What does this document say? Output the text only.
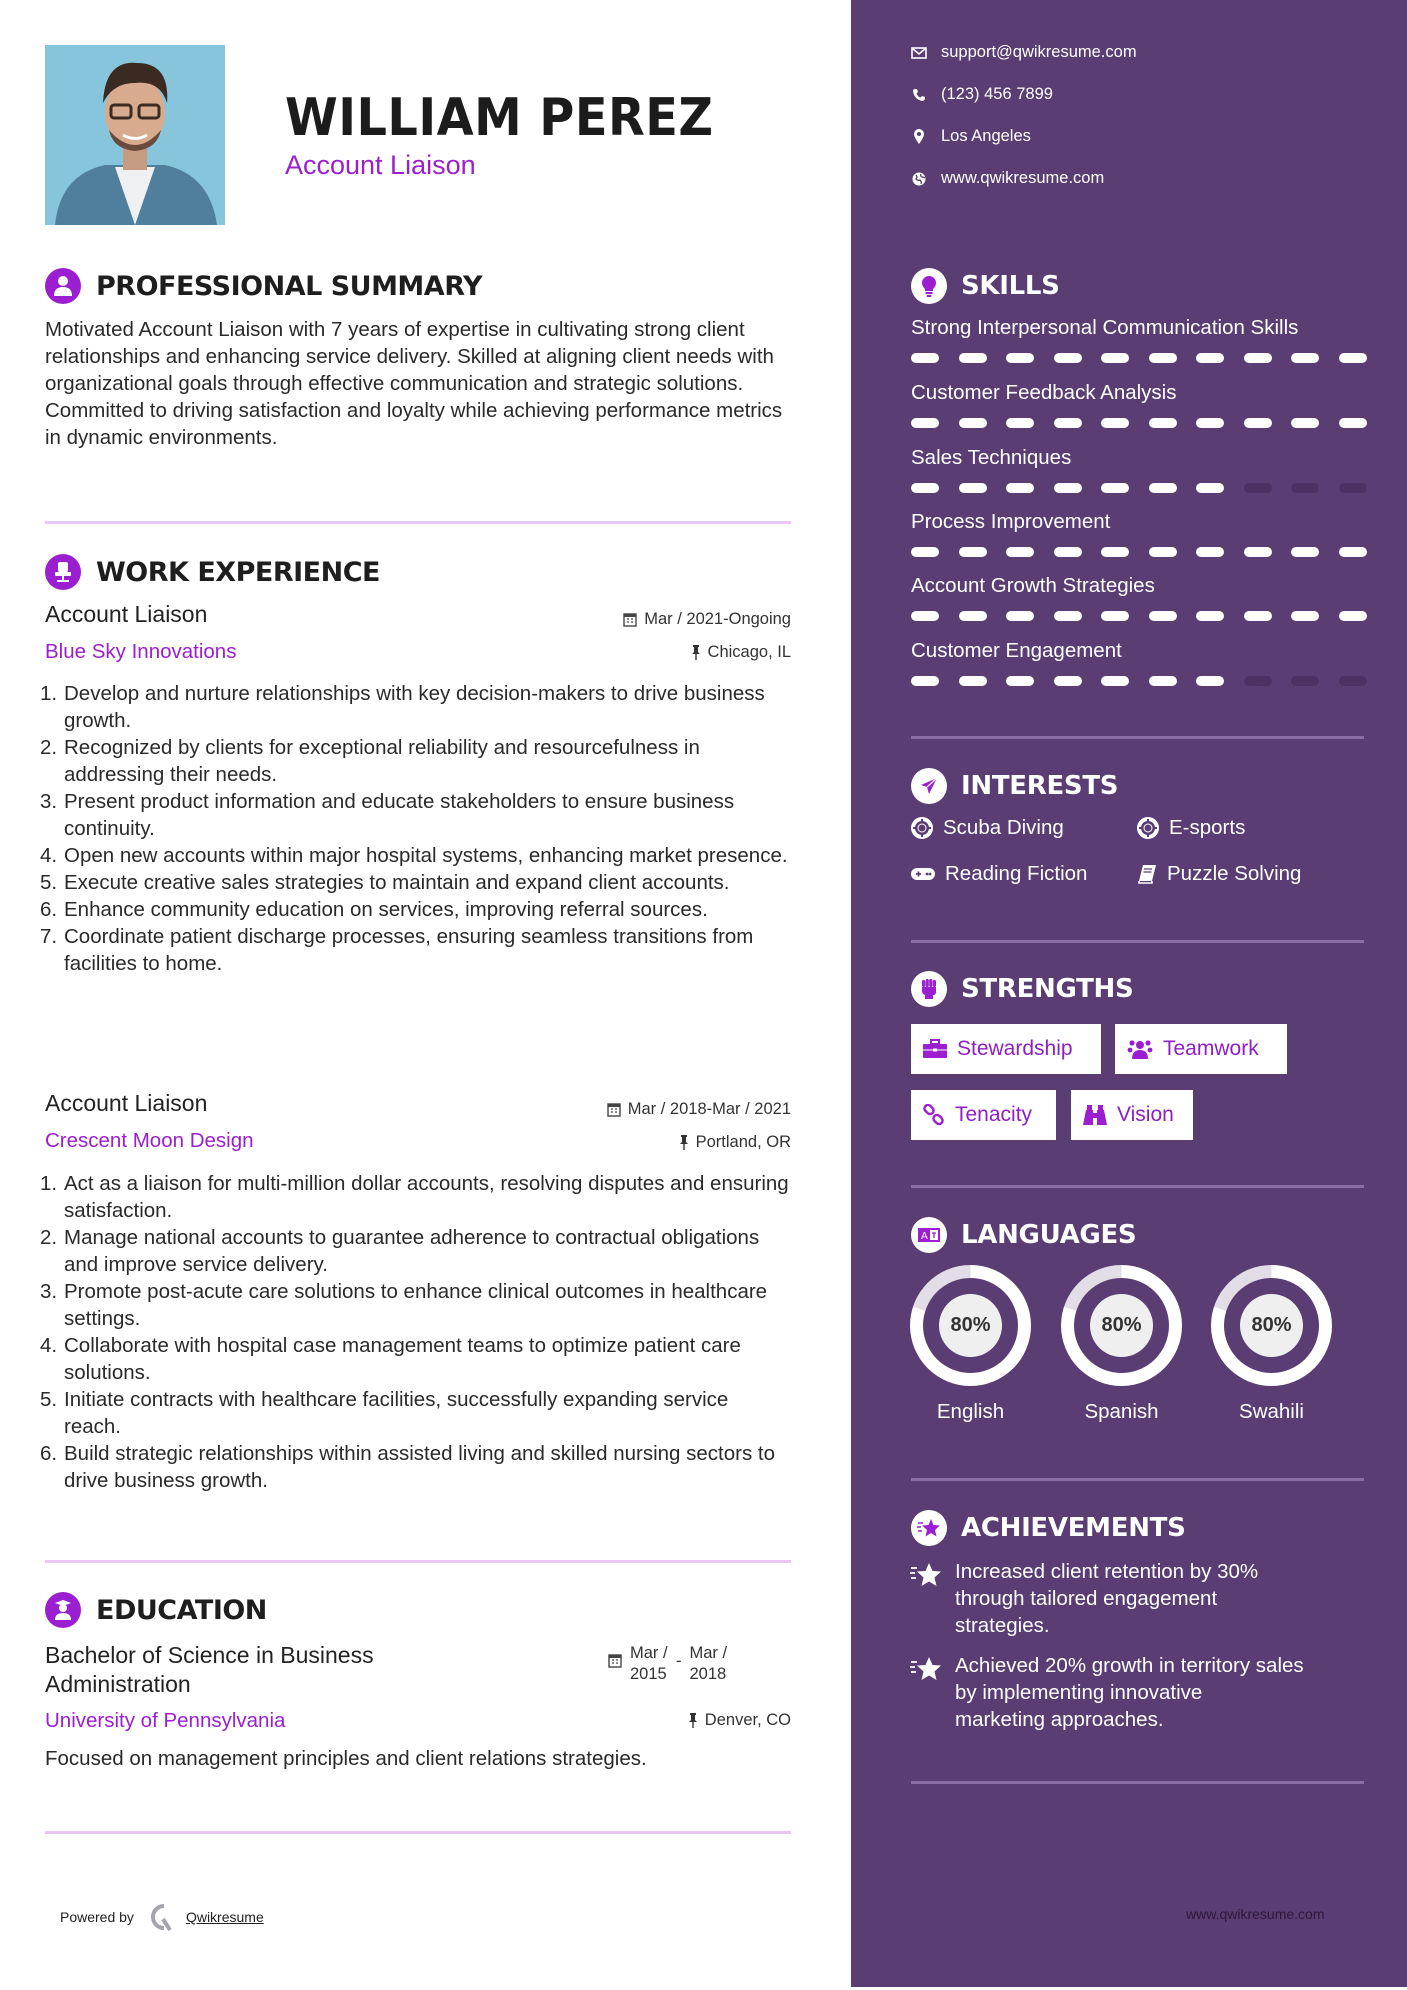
WILLIAM PEREZ
Account Liaison
PROFESSIONAL SUMMARY
Motivated Account Liaison with 7 years of expertise in cultivating strong client relationships and enhancing service delivery. Skilled at aligning client needs with organizational goals through effective communication and strategic solutions. Committed to driving satisfaction and loyalty while achieving performance metrics in dynamic environments.
WORK EXPERIENCE
Account Liaison
Blue Sky Innovations
Mar / 2021-Ongoing
Chicago, IL
1. Develop and nurture relationships with key decision-makers to drive business growth.
2. Recognized by clients for exceptional reliability and resourcefulness in addressing their needs.
3. Present product information and educate stakeholders to ensure business continuity.
4. Open new accounts within major hospital systems, enhancing market presence.
5. Execute creative sales strategies to maintain and expand client accounts.
6. Enhance community education on services, improving referral sources.
7. Coordinate patient discharge processes, ensuring seamless transitions from facilities to home.
Account Liaison
Crescent Moon Design
Mar / 2018-Mar / 2021
Portland, OR
1. Act as a liaison for multi-million dollar accounts, resolving disputes and ensuring satisfaction.
2. Manage national accounts to guarantee adherence to contractual obligations and improve service delivery.
3. Promote post-acute care solutions to enhance clinical outcomes in healthcare settings.
4. Collaborate with hospital case management teams to optimize patient care solutions.
5. Initiate contracts with healthcare facilities, successfully expanding service reach.
6. Build strategic relationships within assisted living and skilled nursing sectors to drive business growth.
EDUCATION
Bachelor of Science in Business
Administration
Mar /
2015
- Mar /
2018
University of Pennsylvania	Denver, CO
Focused on management principles and client relations strategies.
Powered by	Qwikresume
support@qwikresume.com
(123) 456 7899
Los Angeles
www.qwikresume.com
SKILLS
Strong Interpersonal Communication Skills
Customer Feedback Analysis
Sales Techniques
Process Improvement
Account Growth Strategies
Customer Engagement
INTERESTS
Scuba Diving	E-sports
Reading Fiction	Puzzle Solving
STRENGTHS
Stewardship	Teamwork
Tenacity	Vision
A LANGUAGES
80%
English
80%
Spanish
80%
Swahili
ACHIEVEMENTS
Increased client retention by 30%
through tailored engagement
strategies.
Achieved 20% growth in territory sales
by implementing innovative
marketing approaches.
www.qwikresume.com
